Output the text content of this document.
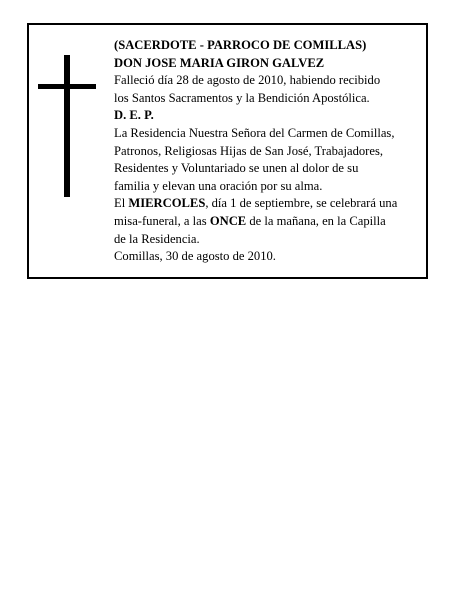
(SACERDOTE - PARROCO DE COMILLAS)

DON JOSE MARIA GIRON GALVEZ

Falleció día 28 de agosto de 2010, habiendo recibido

los Santos Sacramentos y la Bendición Apostólica.

D. E. P.

La Residencia Nuestra Señora del Carmen de Comillas,

Patronos, Religiosas Hijas de San José, Trabajadores,

Residentes y Voluntariado se unen al dolor de su

familia y elevan una oración por su alma.

El MIERCOLES, día 1 de septiembre, se celebrará una

misa-funeral, a las ONCE de la mañana, en la Capilla

de la Residencia.

Comillas, 30 de agosto de 2010.
